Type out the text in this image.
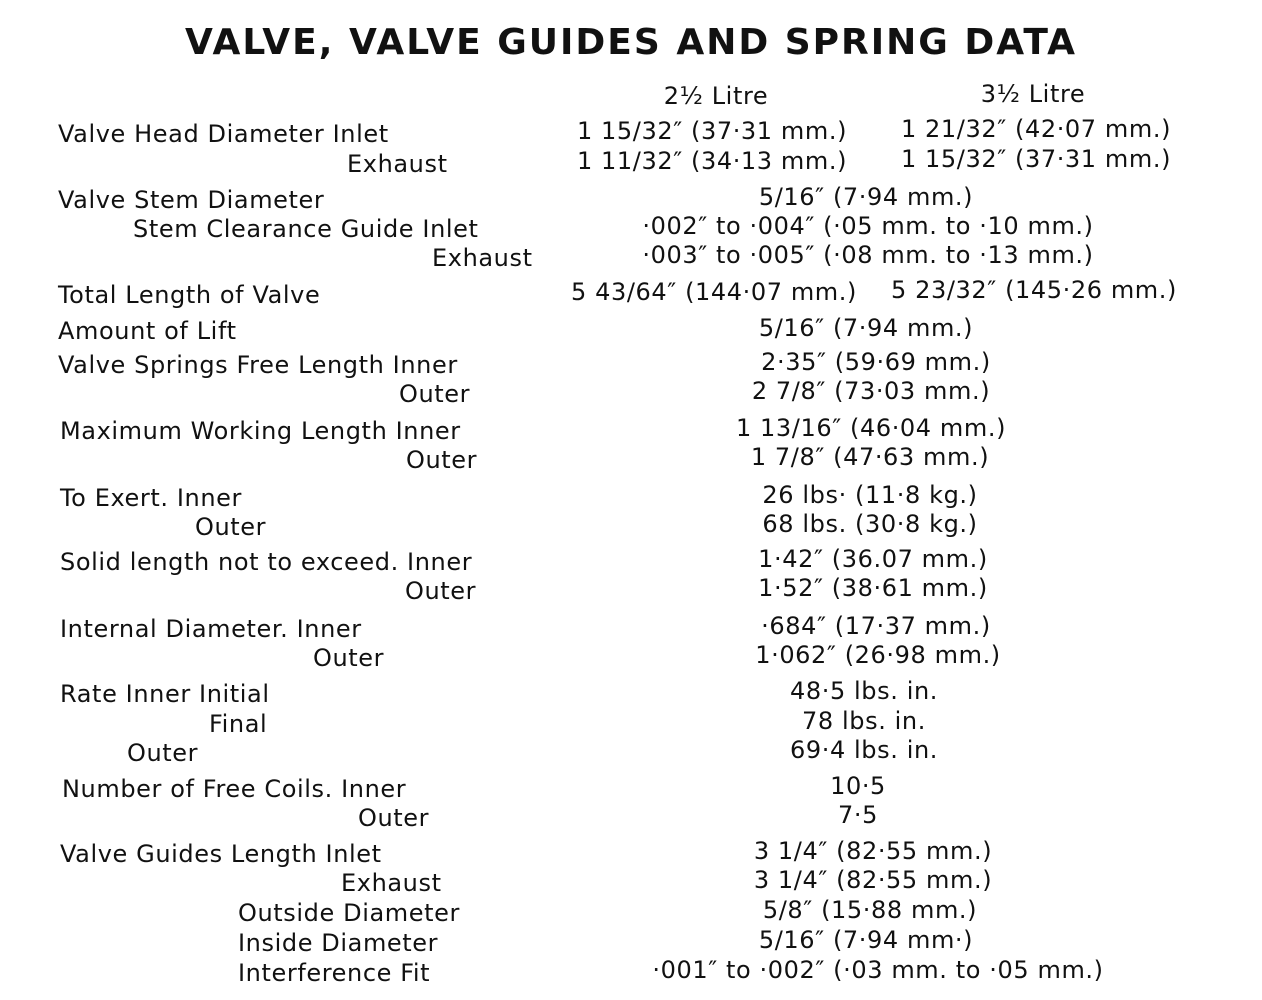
VALVE, VALVE GUIDES AND SPRING DATA
2½ Litre	3½ Litre
Valve Head Diameter Inlet	1 15/32″ (37·31 mm.) 1 21/32″ (42·07 mm.)
Exhaust	1 11/32″ (34·13 mm.) 1 15/32″ (37·31 mm.)
Valve Stem Diameter	5/16″ (7·94 mm.)
Stem Clearance Guide Inlet	·002″ to ·004″ (·05 mm. to ·10 mm.)
Exhaust	·003″ to ·005″ (·08 mm. to ·13 mm.)
Total Length of Valve	5 43/64″ (144·07 mm.) 5 23/32″ (145·26 mm.)
Amount of Lift	5/16″ (7·94 mm.)
Valve Springs Free Length Inner	2·35″ (59·69 mm.)
Outer	2 7/8″ (73·03 mm.)
Maximum Working Length Inner	1 13/16″ (46·04 mm.)
Outer	1 7/8″ (47·63 mm.)
To Exert. Inner	26 lbs· (11·8 kg.)
Outer	68 lbs. (30·8 kg.)
Solid length not to exceed. Inner	1·42″ (36.07 mm.)
Outer	1·52″ (38·61 mm.)
Internal Diameter. Inner	·684″ (17·37 mm.)
Outer	1·062″ (26·98 mm.)
Rate Inner Initial	48·5 lbs. in.
Final	78 lbs. in.
Outer	69·4 lbs. in.
Number of Free Coils. Inner	10·5
Outer	7·5
Valve Guides Length Inlet	3 1/4″ (82·55 mm.)
Exhaust	3 1/4″ (82·55 mm.)
Outside Diameter	5/8″ (15·88 mm.)
Inside Diameter	5/16″ (7·94 mm·)
Interference Fit	·001″ to ·002″ (·03 mm. to ·05 mm.)
